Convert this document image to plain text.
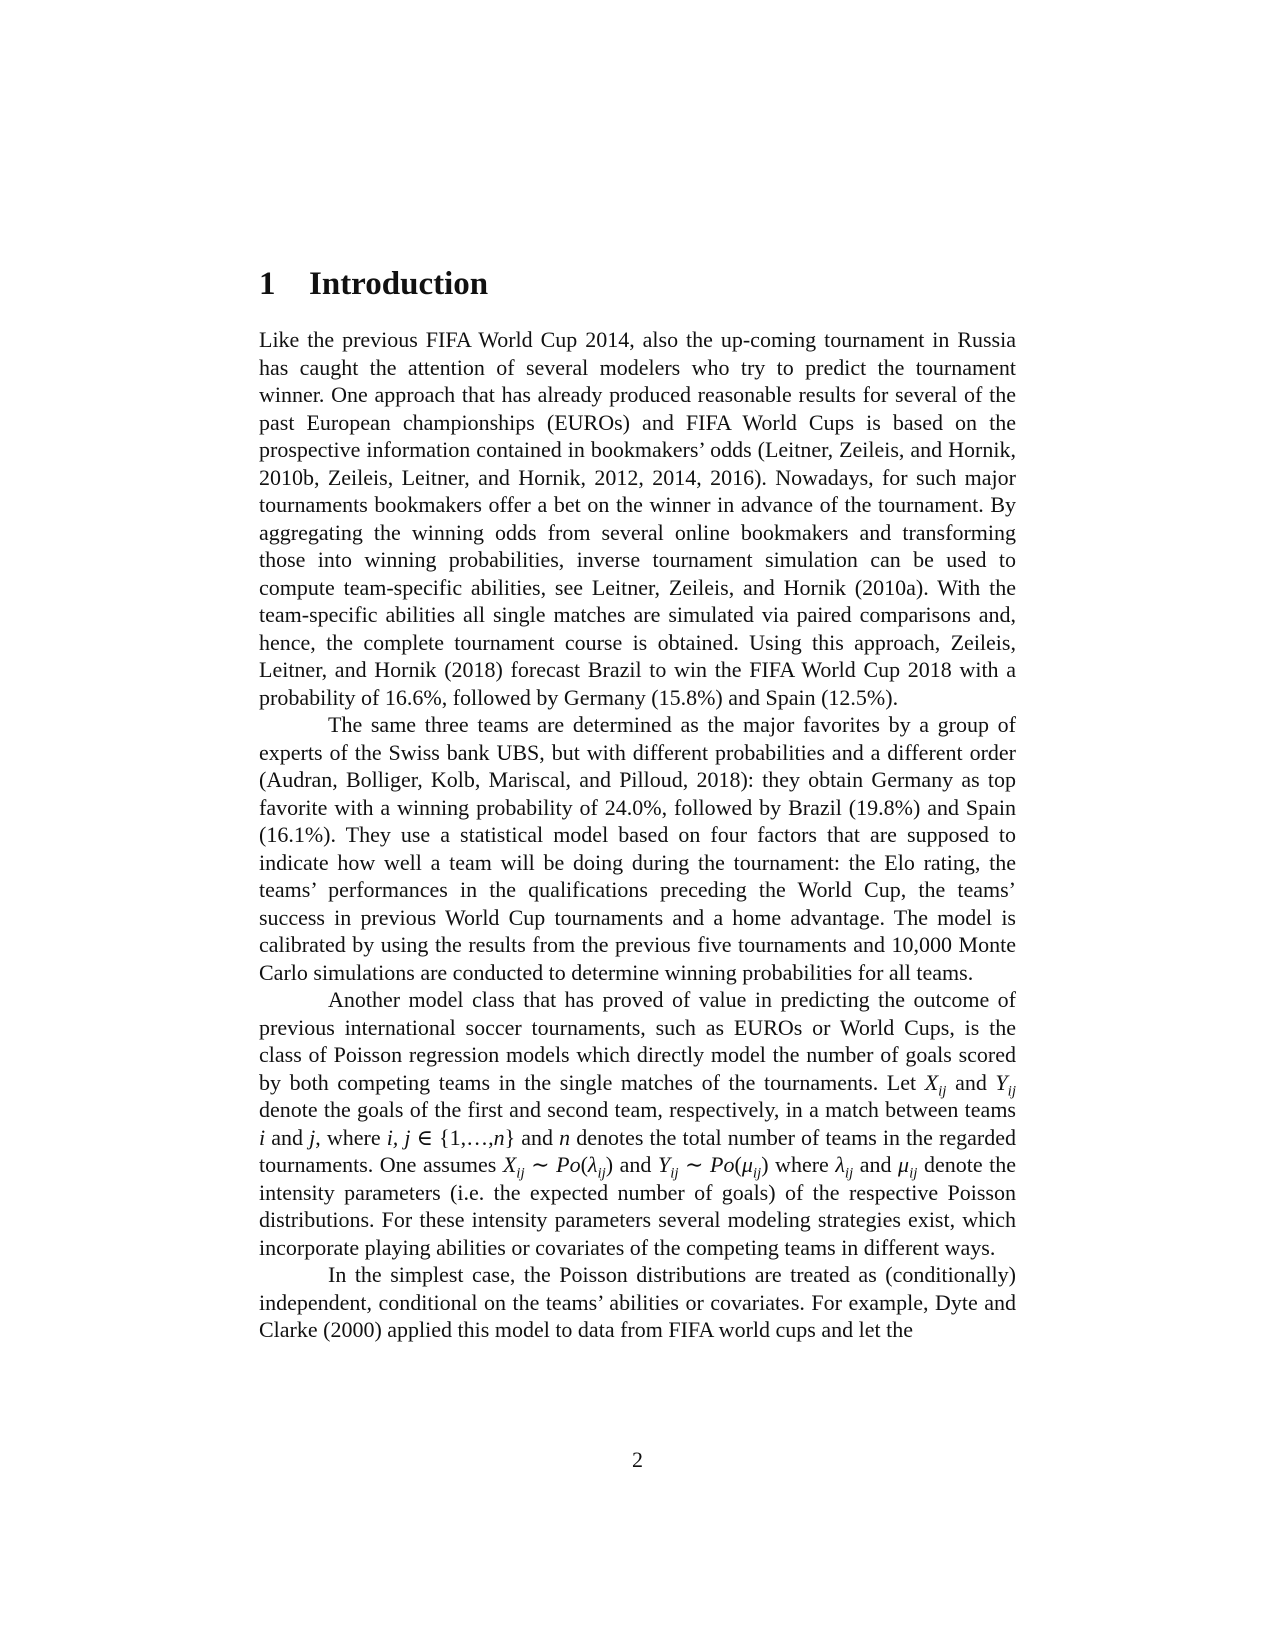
1 Introduction

Like the previous FIFA World Cup 2014, also the up-coming tournament in Russia has caught the attention of several modelers who try to predict the tournament winner. One approach that has already produced reasonable results for several of the past European championships (EUROs) and FIFA World Cups is based on the prospective information contained in bookmakers’ odds (Leitner, Zeileis, and Hornik, 2010b, Zeileis, Leitner, and Hornik, 2012, 2014, 2016). Nowadays, for such major tournaments bookmakers offer a bet on the winner in advance of the tournament. By aggregating the winning odds from several online bookmakers and transforming those into winning probabilities, inverse tournament simulation can be used to compute team-specific abilities, see Leitner, Zeileis, and Hornik (2010a). With the team-specific abilities all single matches are simulated via paired comparisons and, hence, the complete tournament course is obtained. Using this approach, Zeileis, Leitner, and Hornik (2018) forecast Brazil to win the FIFA World Cup 2018 with a probability of 16.6%, followed by Germany (15.8%) and Spain (12.5%).

The same three teams are determined as the major favorites by a group of experts of the Swiss bank UBS, but with different probabilities and a different order (Audran, Bolliger, Kolb, Mariscal, and Pilloud, 2018): they obtain Germany as top favorite with a winning probability of 24.0%, followed by Brazil (19.8%) and Spain (16.1%). They use a statistical model based on four factors that are supposed to indicate how well a team will be doing during the tournament: the Elo rating, the teams’ performances in the qualifications preceding the World Cup, the teams’ success in previous World Cup tournaments and a home advantage. The model is calibrated by using the results from the previous five tournaments and 10,000 Monte Carlo simulations are conducted to determine winning probabilities for all teams.

Another model class that has proved of value in predicting the outcome of previous international soccer tournaments, such as EUROs or World Cups, is the class of Poisson regression models which directly model the number of goals scored by both competing teams in the single matches of the tournaments. Let $X_{ij}$ and $Y_{ij}$ denote the goals of the first and second team, respectively, in a match between teams i and j, where i, j ∈ {1,…,n} and n denotes the total number of teams in the regarded tournaments. One assumes $X_{ij}$ ∼ $Po(\lambda_{ij})$ and $Y_{ij}$ ∼ $Po(\mu_{ij})$ where $\lambda_{ij}$ and $\mu_{ij}$ denote the intensity parameters (i.e. the expected number of goals) of the respective Poisson distributions. For these intensity parameters several modeling strategies exist, which incorporate playing abilities or covariates of the competing teams in different ways.

In the simplest case, the Poisson distributions are treated as (conditionally) independent, conditional on the teams’ abilities or covariates. For example, Dyte and Clarke (2000) applied this model to data from FIFA world cups and let the

2
